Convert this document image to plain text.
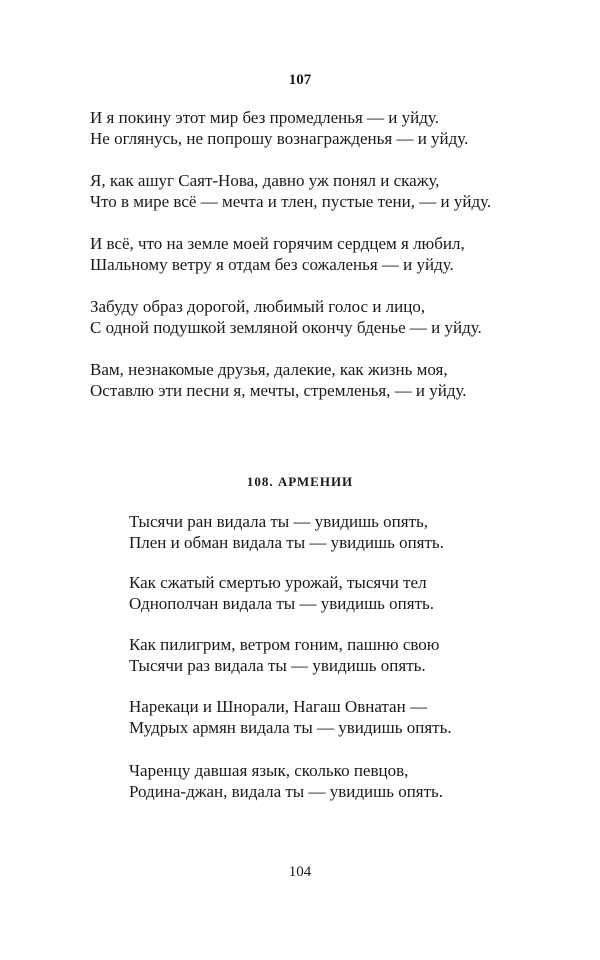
107
И я покину этот мир без промедленья — и уйду.
Не оглянусь, не попрошу вознагражденья — и уйду.
Я, как ашуг Саят-Нова, давно уж понял и скажу,
Что в мире всё — мечта и тлен, пустые тени, — и уйду.
И всё, что на земле моей горячим сердцем я любил,
Шальному ветру я отдам без сожаленья — и уйду.
Забуду образ дорогой, любимый голос и лицо,
С одной подушкой земляной окончу бденье — и уйду.
Вам, незнакомые друзья, далекие, как жизнь моя,
Оставлю эти песни я, мечты, стремленья, — и уйду.
108. АРМЕНИИ
Тысячи ран видала ты — увидишь опять,
Плен и обман видала ты — увидишь опять.
Как сжатый смертью урожай, тысячи тел
Однополчан видала ты — увидишь опять.
Как пилигрим, ветром гоним, пашню свою
Тысячи раз видала ты — увидишь опять.
Нарекаци и Шнорали, Нагаш Овнатан —
Мудрых армян видала ты — увидишь опять.
Чаренцу давшая язык, сколько певцов,
Родина-джан, видала ты — увидишь опять.
104
